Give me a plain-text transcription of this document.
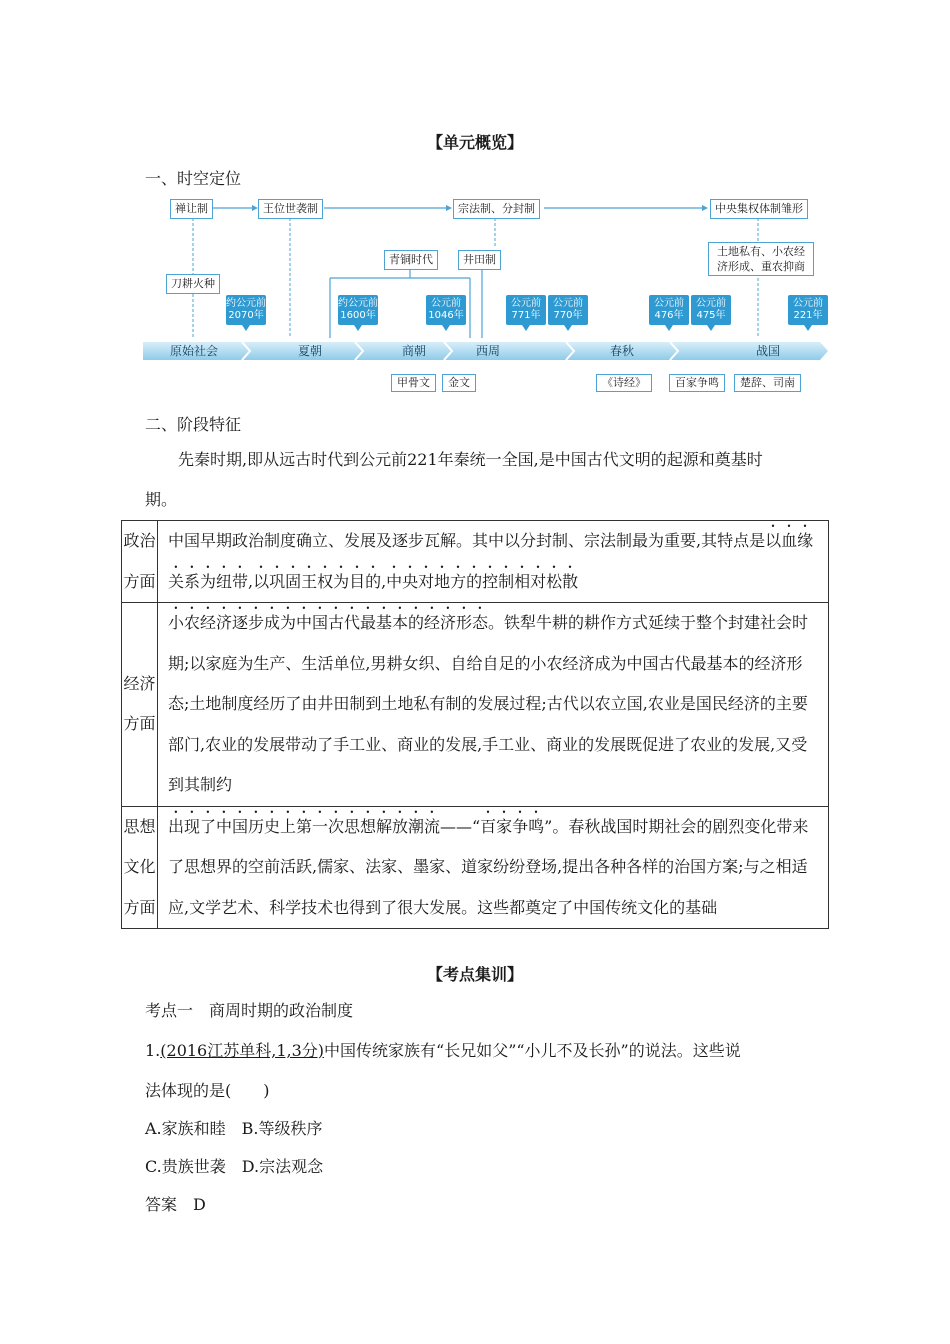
【单元概览】
一、时空定位
禅让制	王位世袭制	宗法制、分封制	中央集权体制雏形
青铜时代	井田制
刀耕火种
土地私有、小农经济形成、重农抑商
约公元前2070年
约公元前1600年
公元前1046年
公元前771年
公元前770年
公元前476年
公元前475年
公元前221年
原始社会	夏朝	商朝	西周	春秋	战国
甲骨文	金文	《诗经》	百家争鸣	楚辞、司南
二、阶段特征
先秦时期,即从远古时代到公元前221年秦统一全国,是中国古代文明的起源和奠基时
期。
政治方面	中国早期政治制度确立、发展及逐步瓦解。其中以分封制、宗法制最为重要,其特点是以血缘关系为纽带,以巩固王权为目的,中央对地方的控制相对松散
经济方面	小农经济逐步成为中国古代最基本的经济形态。铁犁牛耕的耕作方式延续于整个封建社会时期;以家庭为生产、生活单位,男耕女织、自给自足的小农经济成为中国古代最基本的经济形态;土地制度经历了由井田制到土地私有制的发展过程;古代以农立国,农业是国民经济的主要部门,农业的发展带动了手工业、商业的发展,手工业、商业的发展既促进了农业的发展,又受到其制约
思想文化方面	出现了中国历史上第一次思想解放潮流——“百家争鸣”。春秋战国时期社会的剧烈变化带来了思想界的空前活跃,儒家、法家、墨家、道家纷纷登场,提出各种各样的治国方案;与之相适应,文学艺术、科学技术也得到了很大发展。这些都奠定了中国传统文化的基础
【考点集训】
考点一　商周时期的政治制度
1.(2016江苏单科,1,3分)中国传统家族有“长兄如父”“小儿不及长孙”的说法。这些说
法体现的是(　　)
A.家族和睦　B.等级秩序
C.贵族世袭　D.宗法观念
答案　D
